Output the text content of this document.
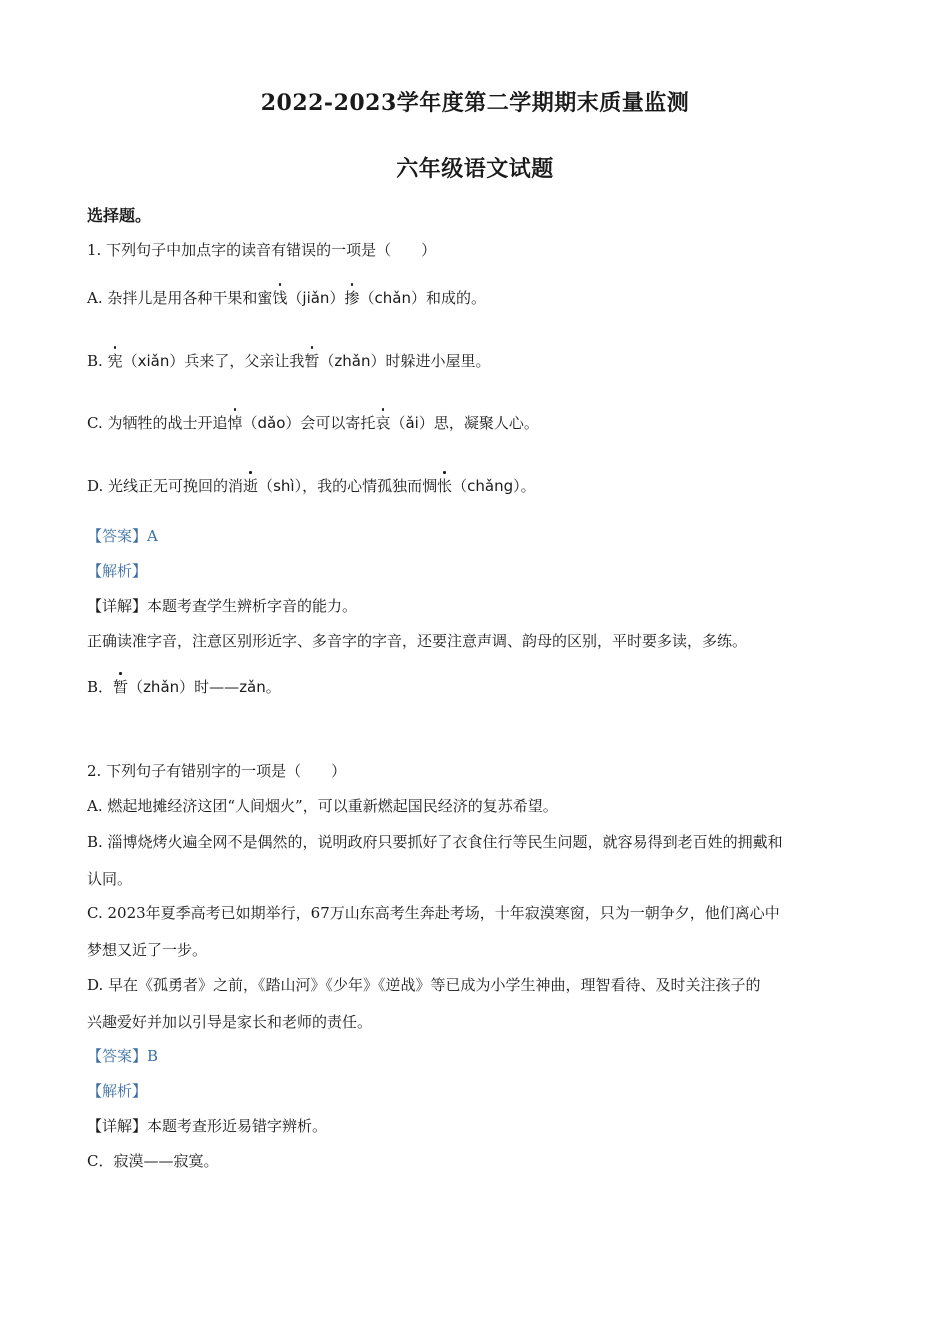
2022-2023学年度第二学期期末质量监测
六年级语文试题
选择题。
1. 下列句子中加点字的读音有错误的一项是（　　）
A. 杂拌儿是用各种干果和蜜饯（jiǎn）掺（chǎn）和成的。
B. 宪（xiǎn）兵来了，父亲让我暂（zhǎn）时躲进小屋里。
C. 为牺牲的战士开追悼（dǎo）会可以寄托哀（ǎi）思，凝聚人心。
D. 光线正无可挽回的消逝（shì），我的心情孤独而惆怅（chǎng）。
【答案】A
【解析】
【详解】本题考查学生辨析字音的能力。
正确读准字音，注意区别形近字、多音字的字音，还要注意声调、韵母的区别，平时要多读，多练。
B．暂（zhǎn）时——zǎn。
2. 下列句子有错别字的一项是（　　）
A. 燃起地摊经济这团“人间烟火”，可以重新燃起国民经济的复苏希望。
B. 淄博烧烤火遍全网不是偶然的，说明政府只要抓好了衣食住行等民生问题，就容易得到老百姓的拥戴和
认同。
C. 2023年夏季高考已如期举行，67万山东高考生奔赴考场，十年寂漠寒窗，只为一朝争夕，他们离心中
梦想又近了一步。
D. 早在《孤勇者》之前，《踏山河》《少年》《逆战》等已成为小学生神曲，理智看待、及时关注孩子的
兴趣爱好并加以引导是家长和老师的责任。
【答案】B
【解析】
【详解】本题考查形近易错字辨析。
C．寂漠——寂寞。
